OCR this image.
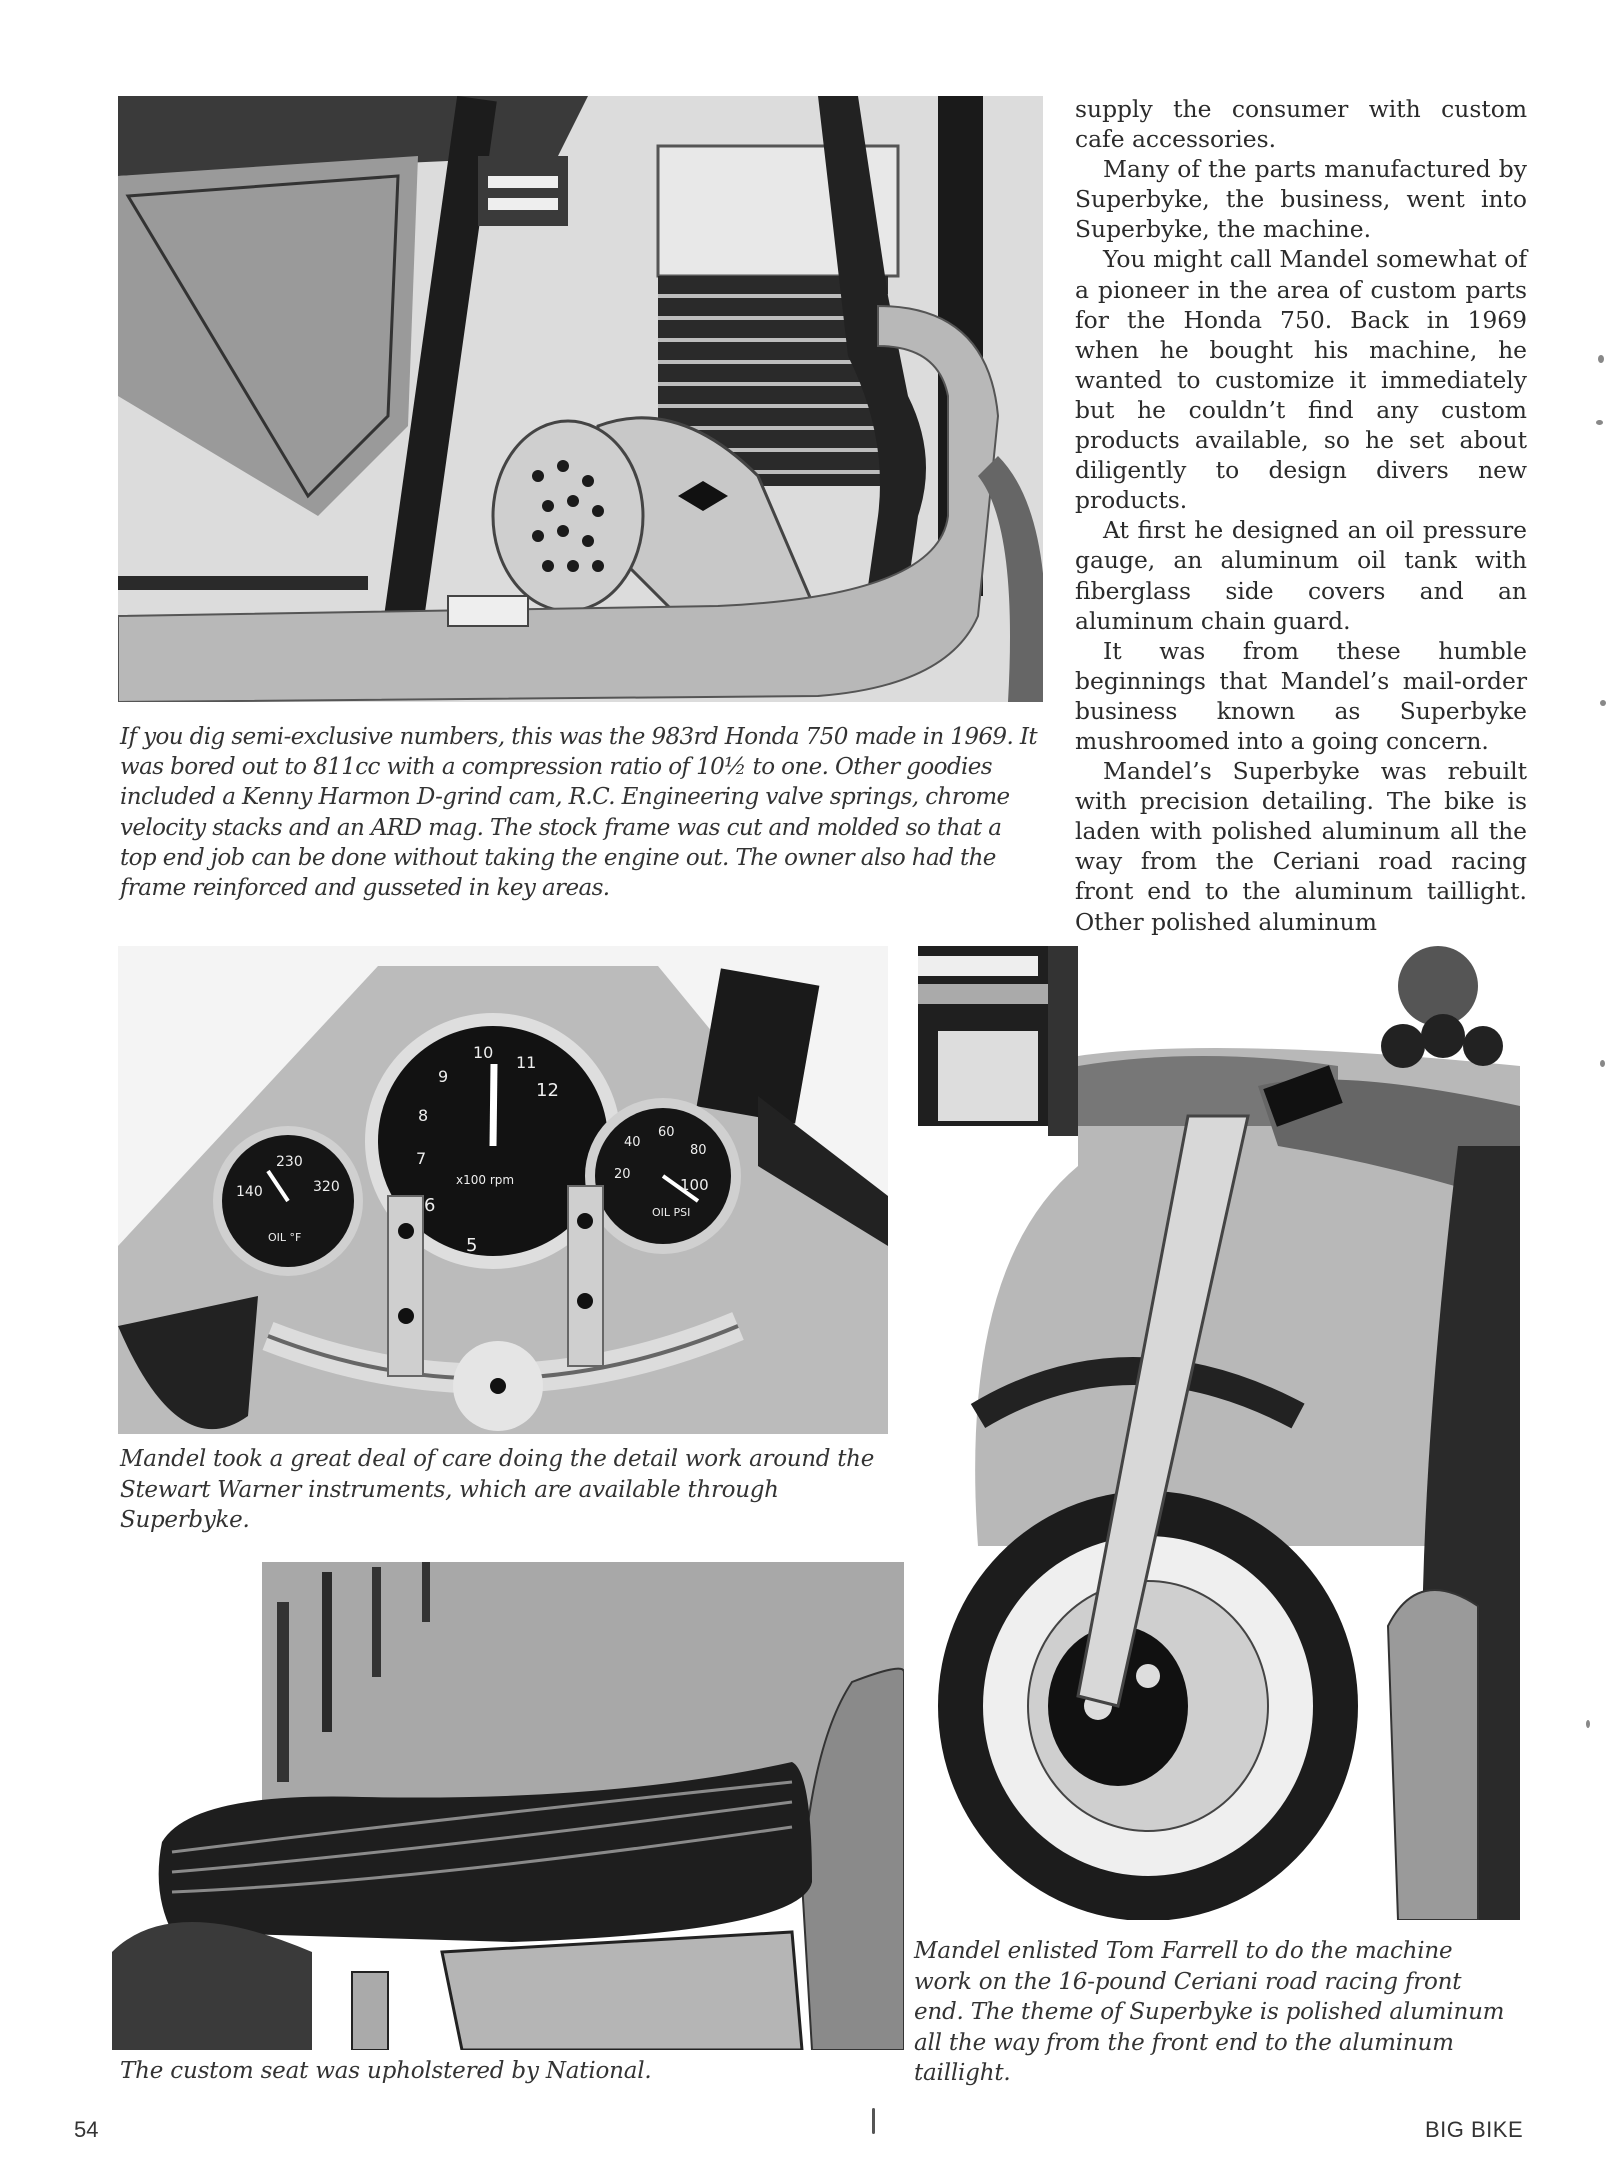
If you dig semi-exclusive numbers, this was the 983rd Honda 750 made in 1969. It was bored out to 811cc with a compression ratio of 10½ to one. Other goodies included a Kenny Harmon D-grind cam, R.C. Engineering valve springs, chrome velocity stacks and an ARD mag. The stock frame was cut and molded so that a top end job can be done without taking the engine out. The owner also had the frame reinforced and gusseted in key areas.

supply the consumer with custom cafe accessories.

Many of the parts manufactured by Superbyke, the business, went into Superbyke, the machine.

You might call Mandel somewhat of a pioneer in the area of custom parts for the Honda 750. Back in 1969 when he bought his machine, he wanted to customize it immediately but he couldn’t find any custom products available, so he set about diligently to design divers new products.

At first he designed an oil pressure gauge, an aluminum oil tank with fiberglass side covers and an aluminum chain guard.

It was from these humble beginnings that Mandel’s mail-order business known as Superbyke mushroomed into a going concern.

Mandel’s Superbyke was rebuilt with precision detailing. The bike is laden with polished aluminum all the way from the Ceriani road racing front end to the aluminum taillight. Other polished aluminum

5
6
7
8
9
10
11
12
x100 rpm
140
230
320
OIL °F
20
40
60
80
100
OIL PSI
Mandel took a great deal of care doing the detail work around the Stewart Warner instruments, which are available through Superbyke.
The custom seat was upholstered by National.
Mandel enlisted Tom Farrell to do the machine work on the 16-pound Ceriani road racing front end. The theme of Superbyke is polished aluminum all the way from the front end to the aluminum taillight.
54	BIG BIKE
